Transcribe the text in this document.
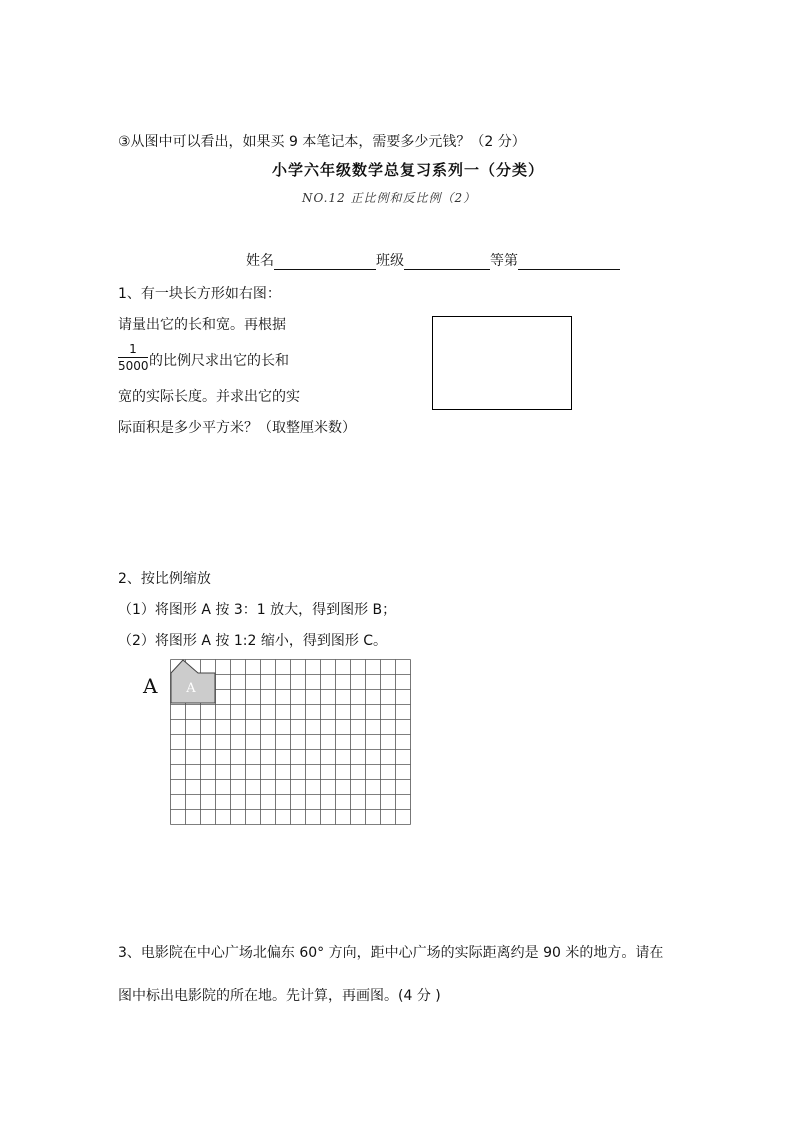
③从图中可以看出，如果买 9 本笔记本，需要多少元钱？（2 分）
小学六年级数学总复习系列一（分类）
NO.12 正比例和反比例（2）
姓名	班级	等第
1、有一块长方形如右图：
请量出它的长和宽。再根据
1
5000 的比例尺求出它的长和
宽的实际长度。并求出它的实
际面积是多少平方米？（取整厘米数）
2、按比例缩放
（1）将图形 A 按 3：1 放大，得到图形 B；
（2）将图形 A 按 1:2 缩小，得到图形 C。
A A
3、电影院在中心广场北偏东 60° 方向，距中心广场的实际距离约是 90 米的地方。请在
图中标出电影院的所在地。先计算，再画图。(4 分 )
